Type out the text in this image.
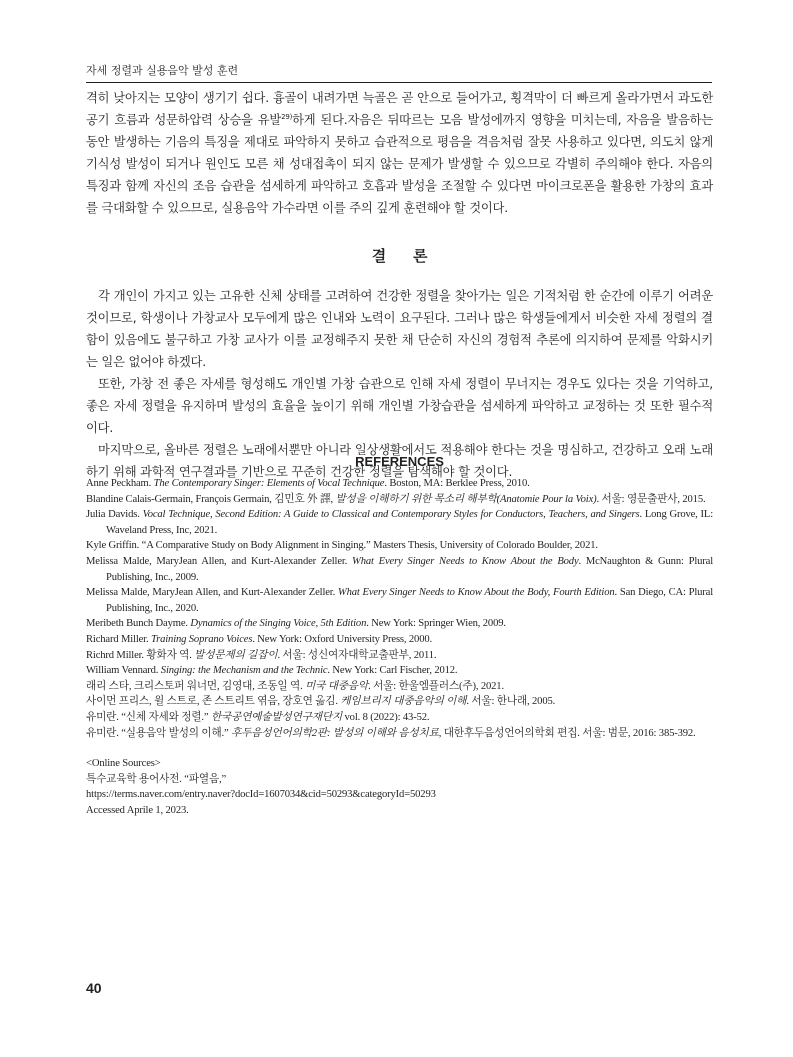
자세 정렬과 실용음악 발성 훈련

격히 낮아지는 모양이 생기기 쉽다. 흉골이 내려가면 늑골은 곧 안으로 들어가고, 횡격막이 더 빠르게 올라가면서 과도한 공기 흐름과 성문하압력 상승을 유발$^{29)}$하게 된다.자음은 뒤따르는 모음 발성에까지 영향을 미치는데, 자음을 발음하는 동안 발생하는 기음의 특징을 제대로 파악하지 못하고 습관적으로 평음을 격음처럼 잘못 사용하고 있다면, 의도치 않게 기식성 발성이 되거나 원인도 모른 채 성대접촉이 되지 않는 문제가 발생할 수 있으므로 각별히 주의해야 한다. 자음의 특징과 함께 자신의 조음 습관을 섬세하게 파악하고 호흡과 발성을 조절할 수 있다면 마이크로폰을 활용한 가창의 효과를 극대화할 수 있으므로, 실용음악 가수라면 이를 주의 깊게 훈련해야 할 것이다.

결 론

각 개인이 가지고 있는 고유한 신체 상태를 고려하여 건강한 정렬을 찾아가는 일은 기적처럼 한 순간에 이루기 어려운 것이므로, 학생이나 가창교사 모두에게 많은 인내와 노력이 요구된다. 그러나 많은 학생들에게서 비슷한 자세 정렬의 결함이 있음에도 불구하고 가창 교사가 이를 교정해주지 못한 채 단순히 자신의 경험적 추론에 의지하여 문제를 악화시키는 일은 없어야 하겠다.

또한, 가창 전 좋은 자세를 형성해도 개인별 가창 습관으로 인해 자세 정렬이 무너지는 경우도 있다는 것을 기억하고, 좋은 자세 정렬을 유지하며 발성의 효율을 높이기 위해 개인별 가창습관을 섬세하게 파악하고 교정하는 것 또한 필수적이다.

마지막으로, 올바른 정렬은 노래에서뿐만 아니라 일상생활에서도 적용해야 한다는 것을 명심하고, 건강하고 오래 노래하기 위해 과학적 연구결과를 기반으로 꾸준히 건강한 정렬을 탐색해야 할 것이다.

REFERENCES
Anne Peckham. The Contemporary Singer: Elements of Vocal Technique. Boston, MA: Berklee Press, 2010.
Blandine Calais-Germain, François Germain, 김민호 外 譯, 발성을 이해하기 위한 목소리 해부학(Anatomie Pour la Voix). 서울: 영문출판사, 2015.
Julia Davids. Vocal Technique, Second Edition: A Guide to Classical and Contemporary Styles for Conductors, Teachers, and Singers. Long Grove, IL: Waveland Press, Inc, 2021.
Kyle Griffin. “A Comparative Study on Body Alignment in Singing.” Masters Thesis, University of Colorado Boulder, 2021.
Melissa Malde, MaryJean Allen, and Kurt-Alexander Zeller. What Every Singer Needs to Know About the Body. McNaughton & Gunn: Plural Publishing, Inc., 2009.
Melissa Malde, MaryJean Allen, and Kurt-Alexander Zeller. What Every Singer Needs to Know About the Body, Fourth Edition. San Diego, CA: Plural Publishing, Inc., 2020.
Meribeth Bunch Dayme. Dynamics of the Singing Voice, 5th Edition. New York: Springer Wien, 2009.
Richard Miller. Training Soprano Voices. New York: Oxford University Press, 2000.
Richrd Miller. 황화자 역. 발성문제의 길잡이. 서울: 성신여자대학교출판부, 2011.
William Vennard. Singing: the Mechanism and the Technic. New York: Carl Fischer, 2012.
래리 스타, 크리스토퍼 워너먼, 김영대, 조동일 역. 미국 대중음악. 서울: 한울엠플러스(주), 2021.
사이먼 프리스, 윌 스트로, 존 스트리트 엮음, 장호연 옮김. 케임브리지 대중음악의 이해. 서울: 한나래, 2005.
유미란. “신체 자세와 정렬.” 한국공연예술발성연구재단지 vol. 8 (2022): 43-52.
유미란. “실용음악 발성의 이해.” 후두음성언어의학2판: 발성의 이해와 음성치료, 대한후두음성언어의학회 편집. 서울: 범문, 2016: 385-392.
<Online Sources>
특수교육학 용어사전. “파열음,”
https://terms.naver.com/entry.naver?docId=1607034&cid=50293&categoryId=50293
Accessed Aprile 1, 2023.
40
